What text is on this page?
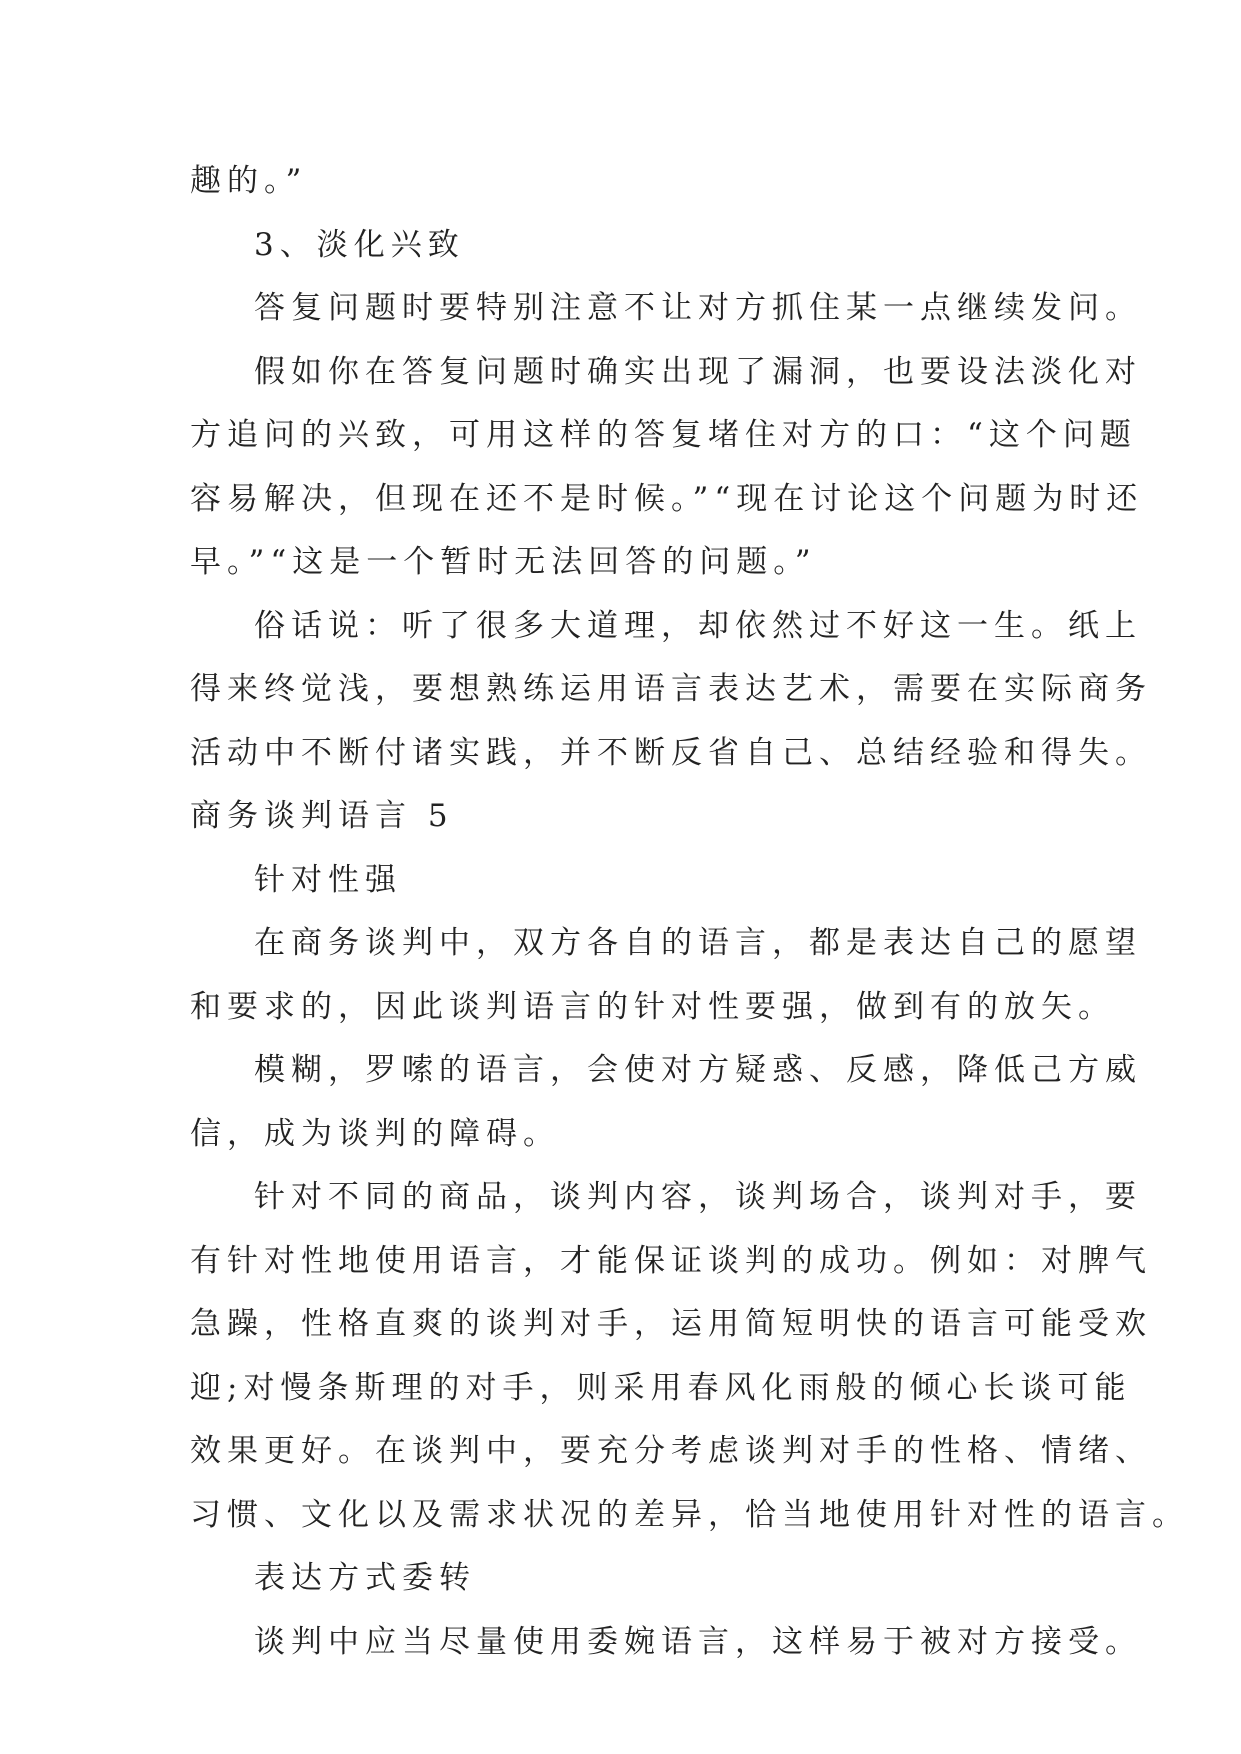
趣的。”
3、淡化兴致
答复问题时要特别注意不让对方抓住某一点继续发问。
假如你在答复问题时确实出现了漏洞，也要设法淡化对
方追问的兴致，可用这样的答复堵住对方的口：“这个问题
容易解决，但现在还不是时候。”“现在讨论这个问题为时还
早。”“这是一个暂时无法回答的问题。”
俗话说：听了很多大道理，却依然过不好这一生。纸上
得来终觉浅，要想熟练运用语言表达艺术，需要在实际商务
活动中不断付诸实践，并不断反省自己、总结经验和得失。
商务谈判语言 5
针对性强
在商务谈判中，双方各自的语言，都是表达自己的愿望
和要求的，因此谈判语言的针对性要强，做到有的放矢。
模糊，罗嗦的语言，会使对方疑惑、反感，降低己方威
信，成为谈判的障碍。
针对不同的商品，谈判内容，谈判场合，谈判对手，要
有针对性地使用语言，才能保证谈判的成功。例如：对脾气
急躁，性格直爽的谈判对手，运用简短明快的语言可能受欢
迎;对慢条斯理的对手，则采用春风化雨般的倾心长谈可能
效果更好。在谈判中，要充分考虑谈判对手的性格、情绪、
习惯、文化以及需求状况的差异，恰当地使用针对性的语言。
表达方式委转
谈判中应当尽量使用委婉语言，这样易于被对方接受。
